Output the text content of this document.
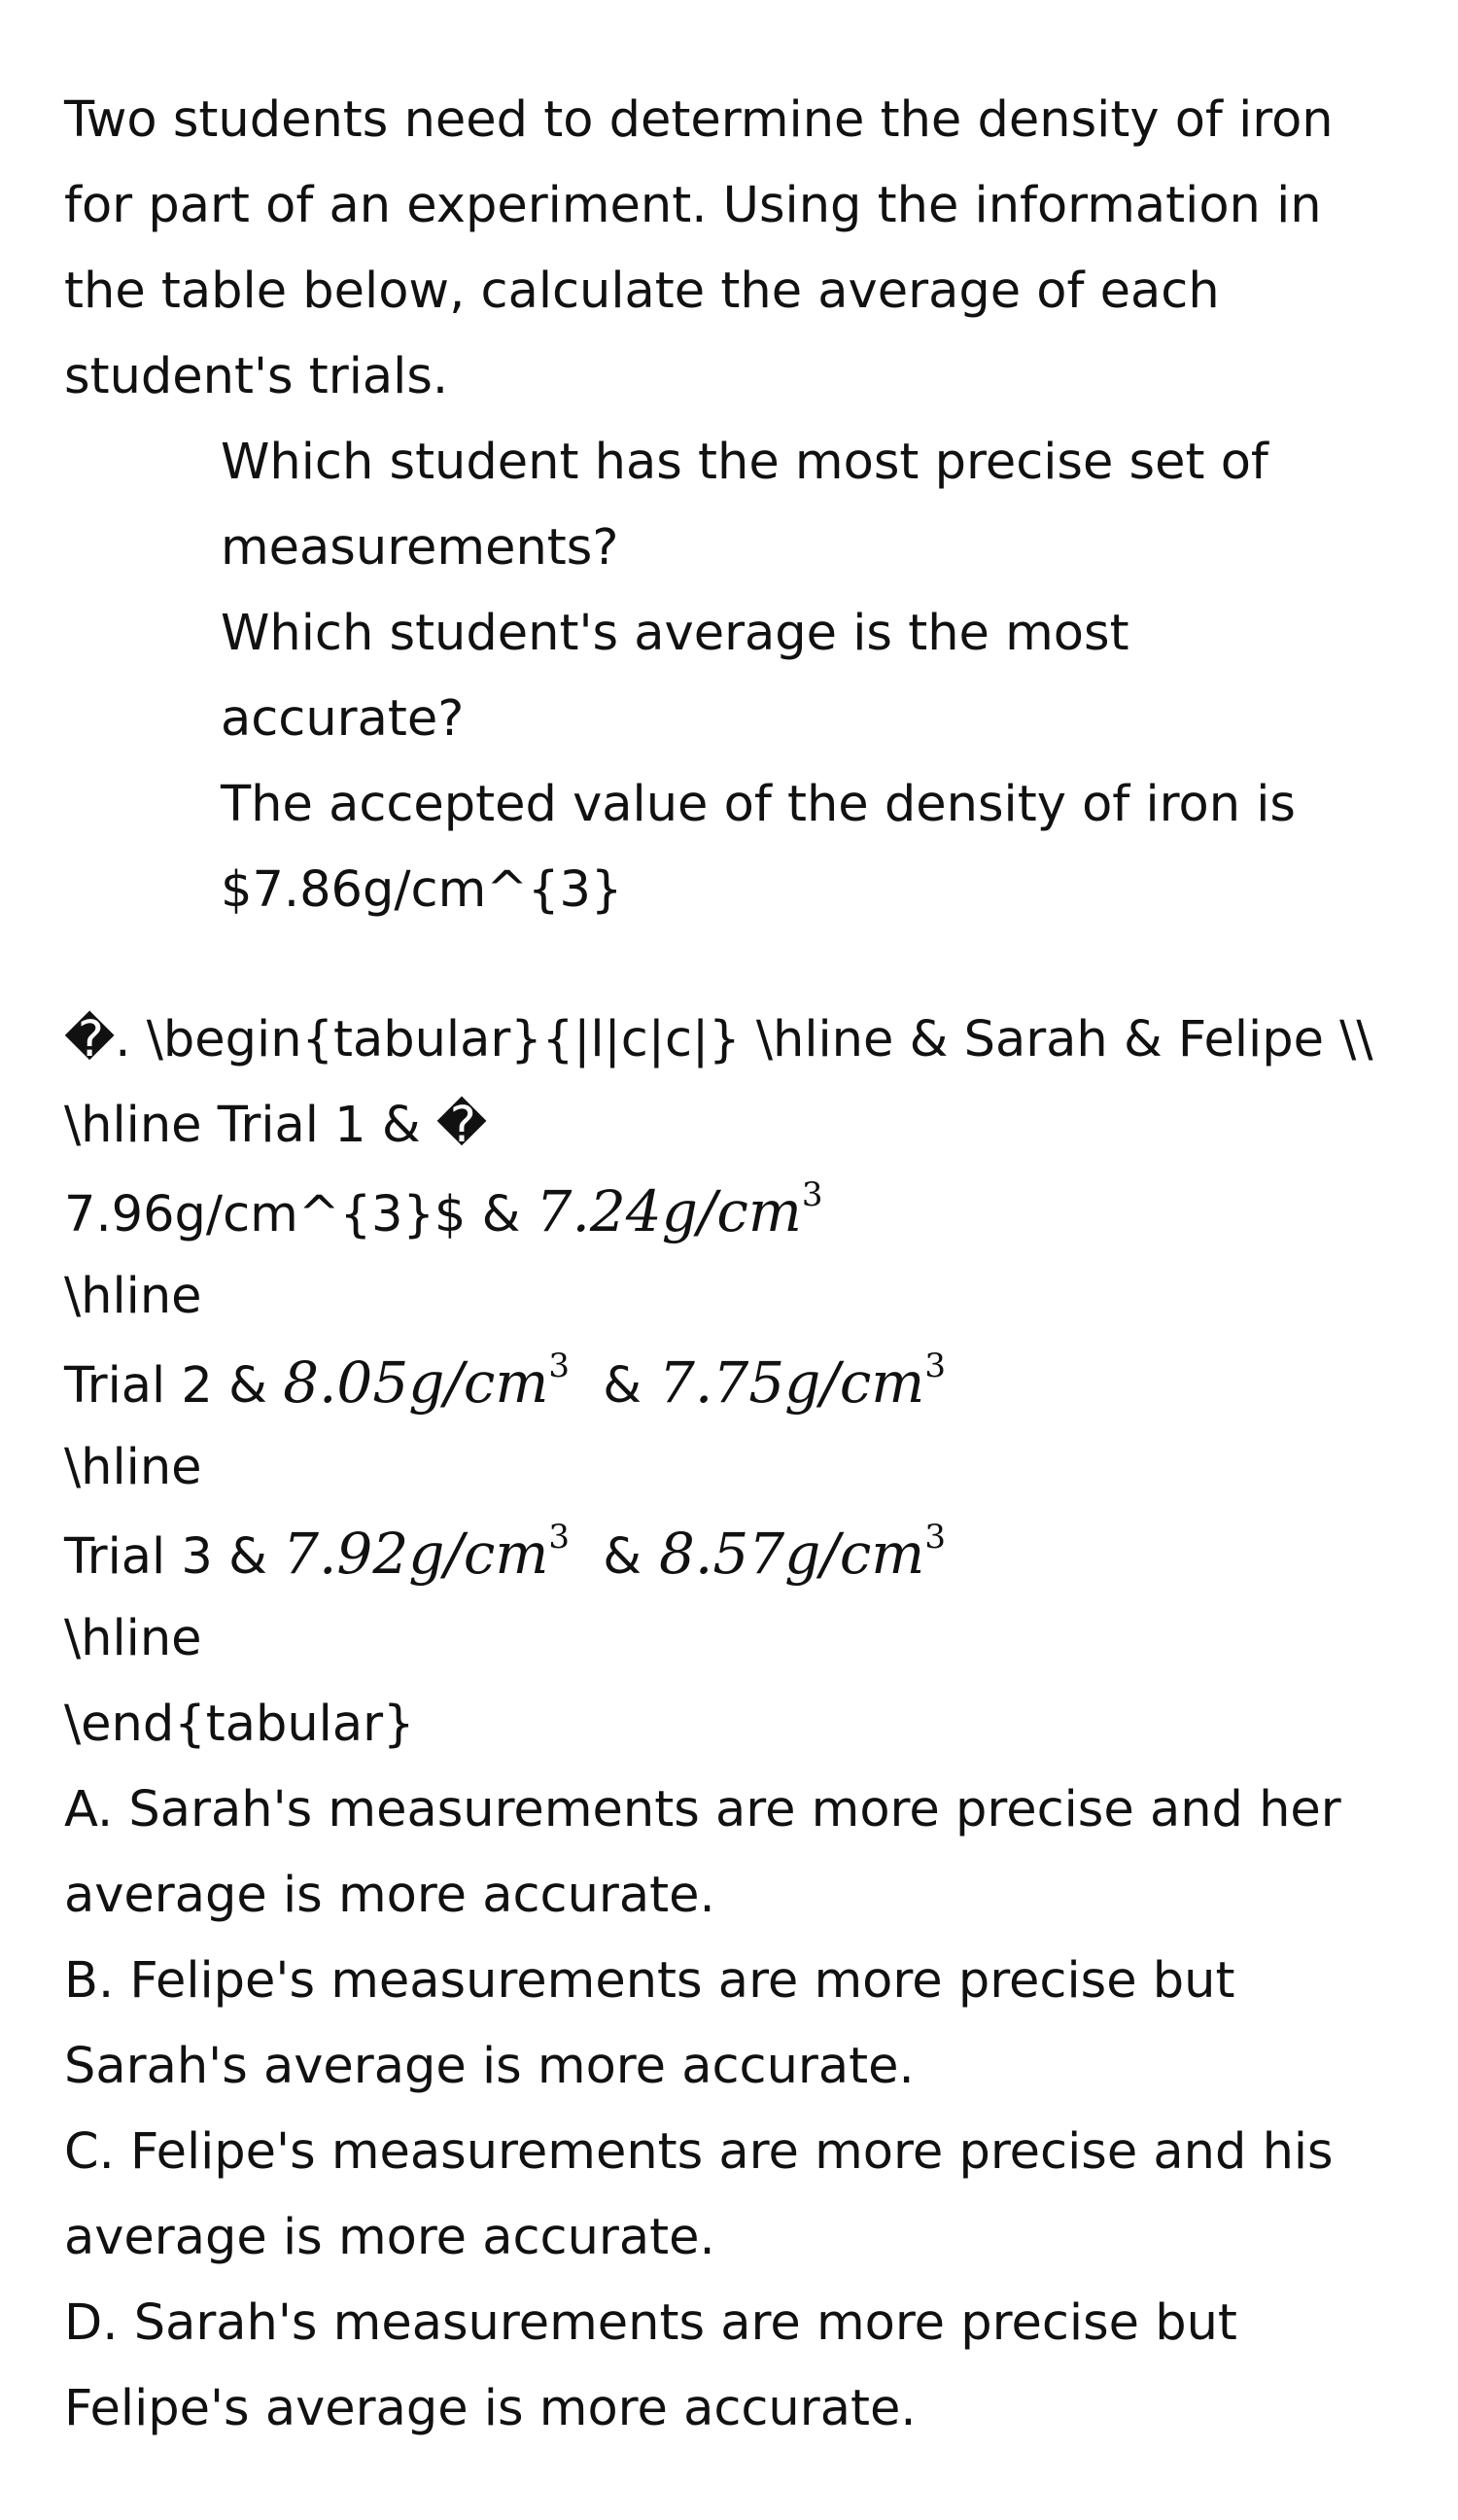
Two students need to determine the density of iron
for part of an experiment. Using the information in
the table below, calculate the average of each
student's trials.
Which student has the most precise set of
measurements?
Which student's average is the most
accurate?
The accepted value of the density of iron is
$7.86g/cm^{3}
�. \begin{tabular}{|l|c|c|} \hline & Sarah & Felipe \\
\hline Trial 1 & �
7.96g/cm^{3}$ & $7.24g/cm^3$
\hline
Trial 2 & $8.05g/cm^3$ & $7.75g/cm^3$
\hline
Trial 3 & $7.92g/cm^3$ & $8.57g/cm^3$
\hline
\end{tabular}
A. Sarah's measurements are more precise and her
average is more accurate.
B. Felipe's measurements are more precise but
Sarah's average is more accurate.
C. Felipe's measurements are more precise and his
average is more accurate.
D. Sarah's measurements are more precise but
Felipe's average is more accurate.
